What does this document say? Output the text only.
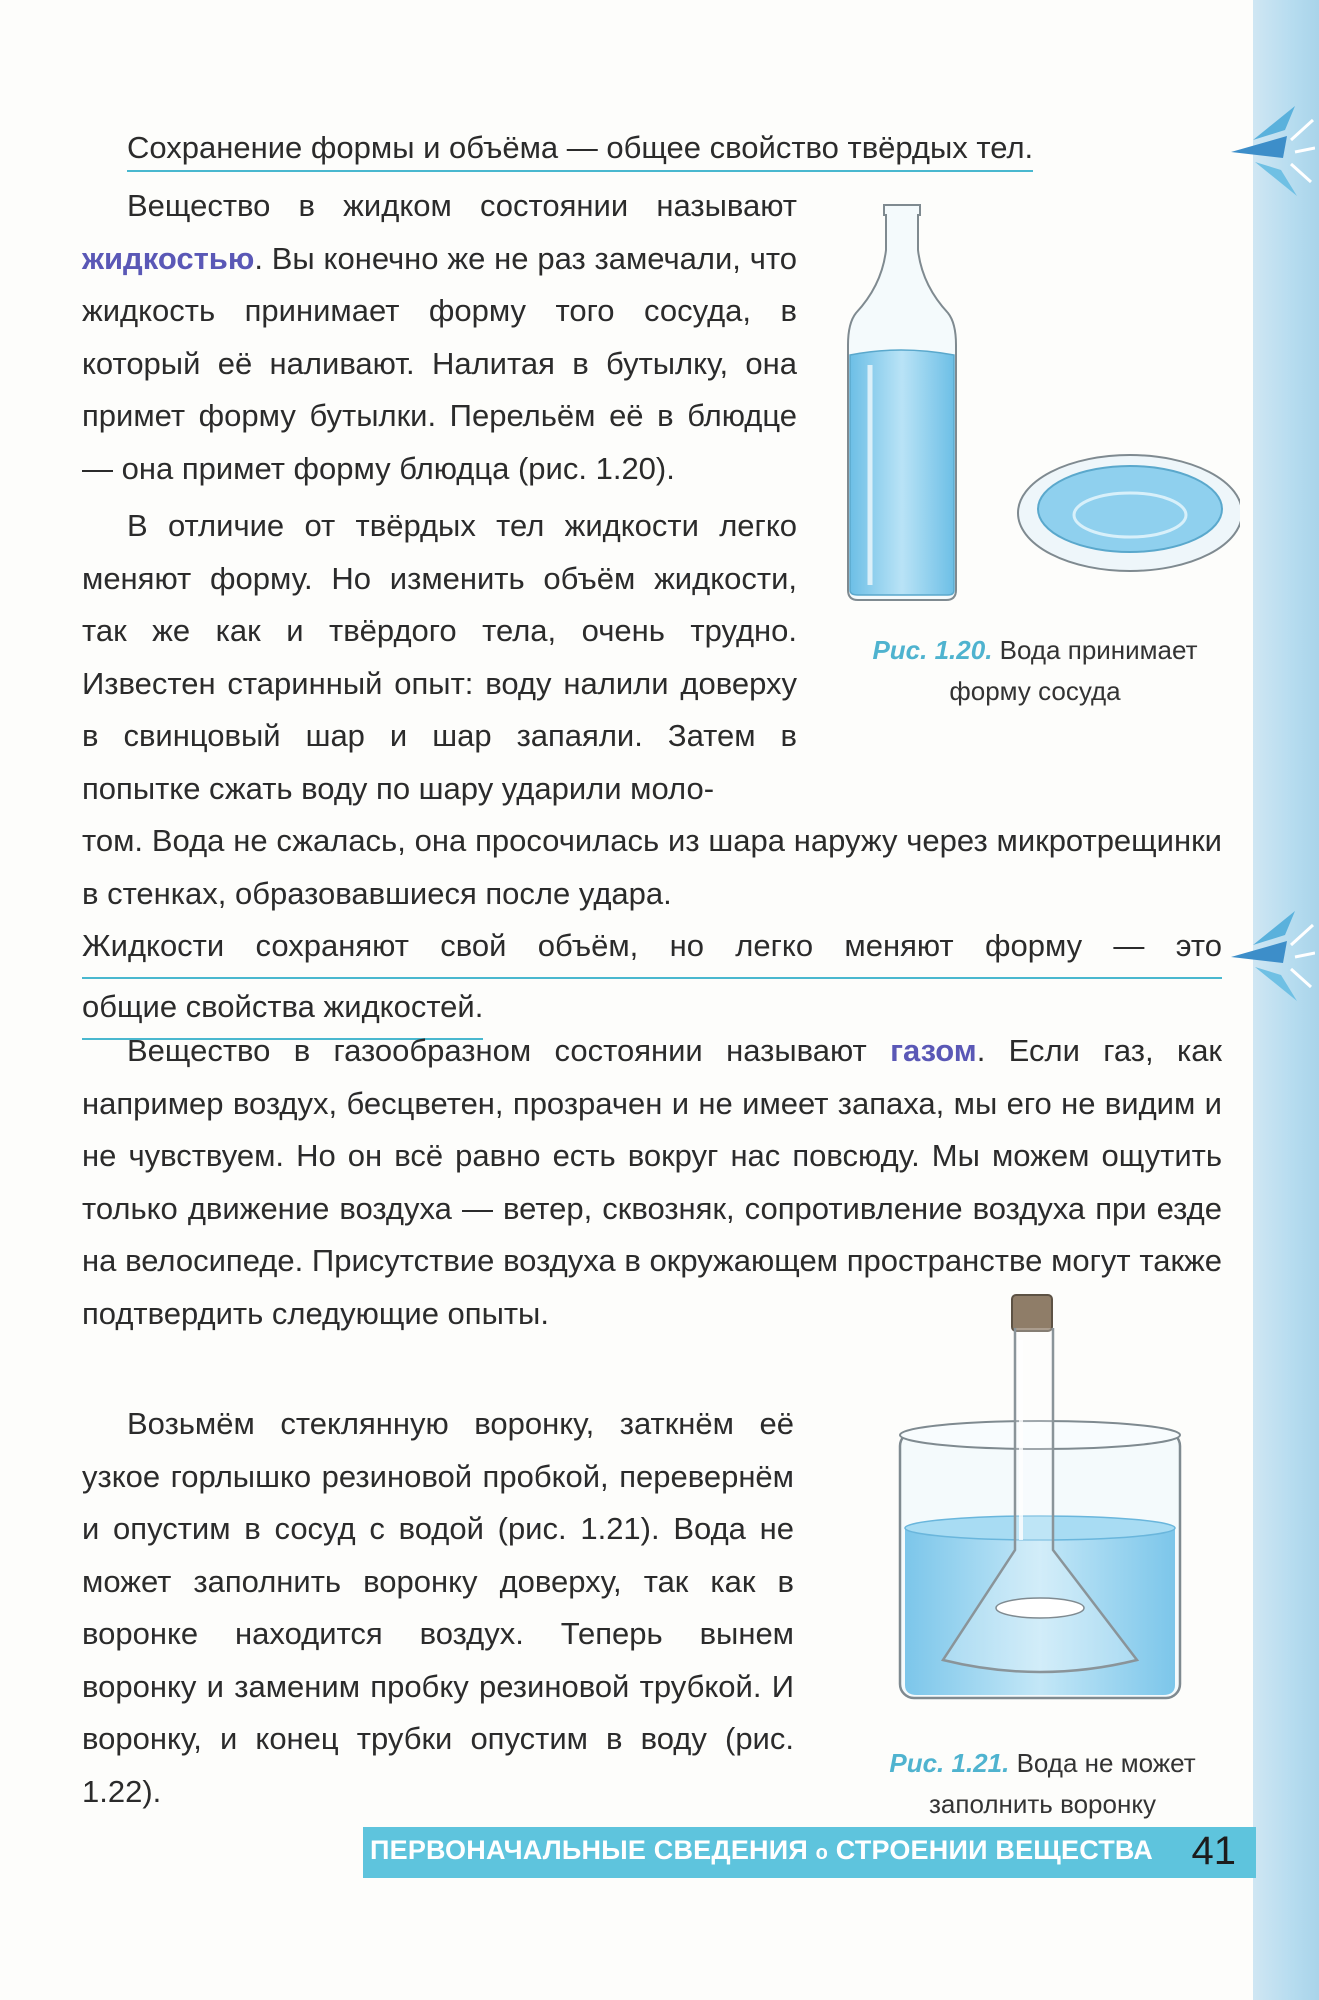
Сохранение формы и объёма — общее свойство твёрдых тел.

Вещество в жидком состоянии называют жидкостью. Вы конечно же не раз замечали, что жидкость принимает форму того сосуда, в который её наливают. Налитая в бутылку, она примет форму бутылки. Перельём её в блюдце — она примет форму блюдца (рис. 1.20).

В отличие от твёрдых тел жидкости легко меняют форму. Но изменить объём жидкости, так же как и твёрдого тела, очень трудно. Известен старинный опыт: воду налили доверху в свинцовый шар и шар запаяли. Затем в попытке сжать воду по шару ударили моло-
том. Вода не сжалась, она просочилась из шара наружу через микротрещинки в стенках, образовавшиеся после удара.

Жидкости сохраняют свой объём, но легко меняют форму — это
общие свойства жидкостей.

Вещество в газообразном состоянии называют газом. Если газ, как например воздух, бесцветен, прозрачен и не имеет запаха, мы его не видим и не чувствуем. Но он всё равно есть вокруг нас повсюду. Мы можем ощутить только движение воздуха — ветер, сквозняк, сопротивление воздуха при езде на велосипеде. Присутствие воздуха в окружающем пространстве могут также подтвердить следующие опыты.

Возьмём стеклянную воронку, заткнём её узкое горлышко резиновой пробкой, перевернём и опустим в сосуд с водой (рис. 1.21). Вода не может заполнить воронку доверху, так как в воронке находится воздух. Теперь вынем воронку и заменим пробку резиновой трубкой. И воронку, и конец трубки опустим в воду (рис. 1.22).

Рис. 1.20. Вода принимает форму сосуда
Рис. 1.21. Вода не может заполнить воронку
ПЕРВОНАЧАЛЬНЫЕ СВЕДЕНИЯ о СТРОЕНИИ ВЕЩЕСТВА 41
